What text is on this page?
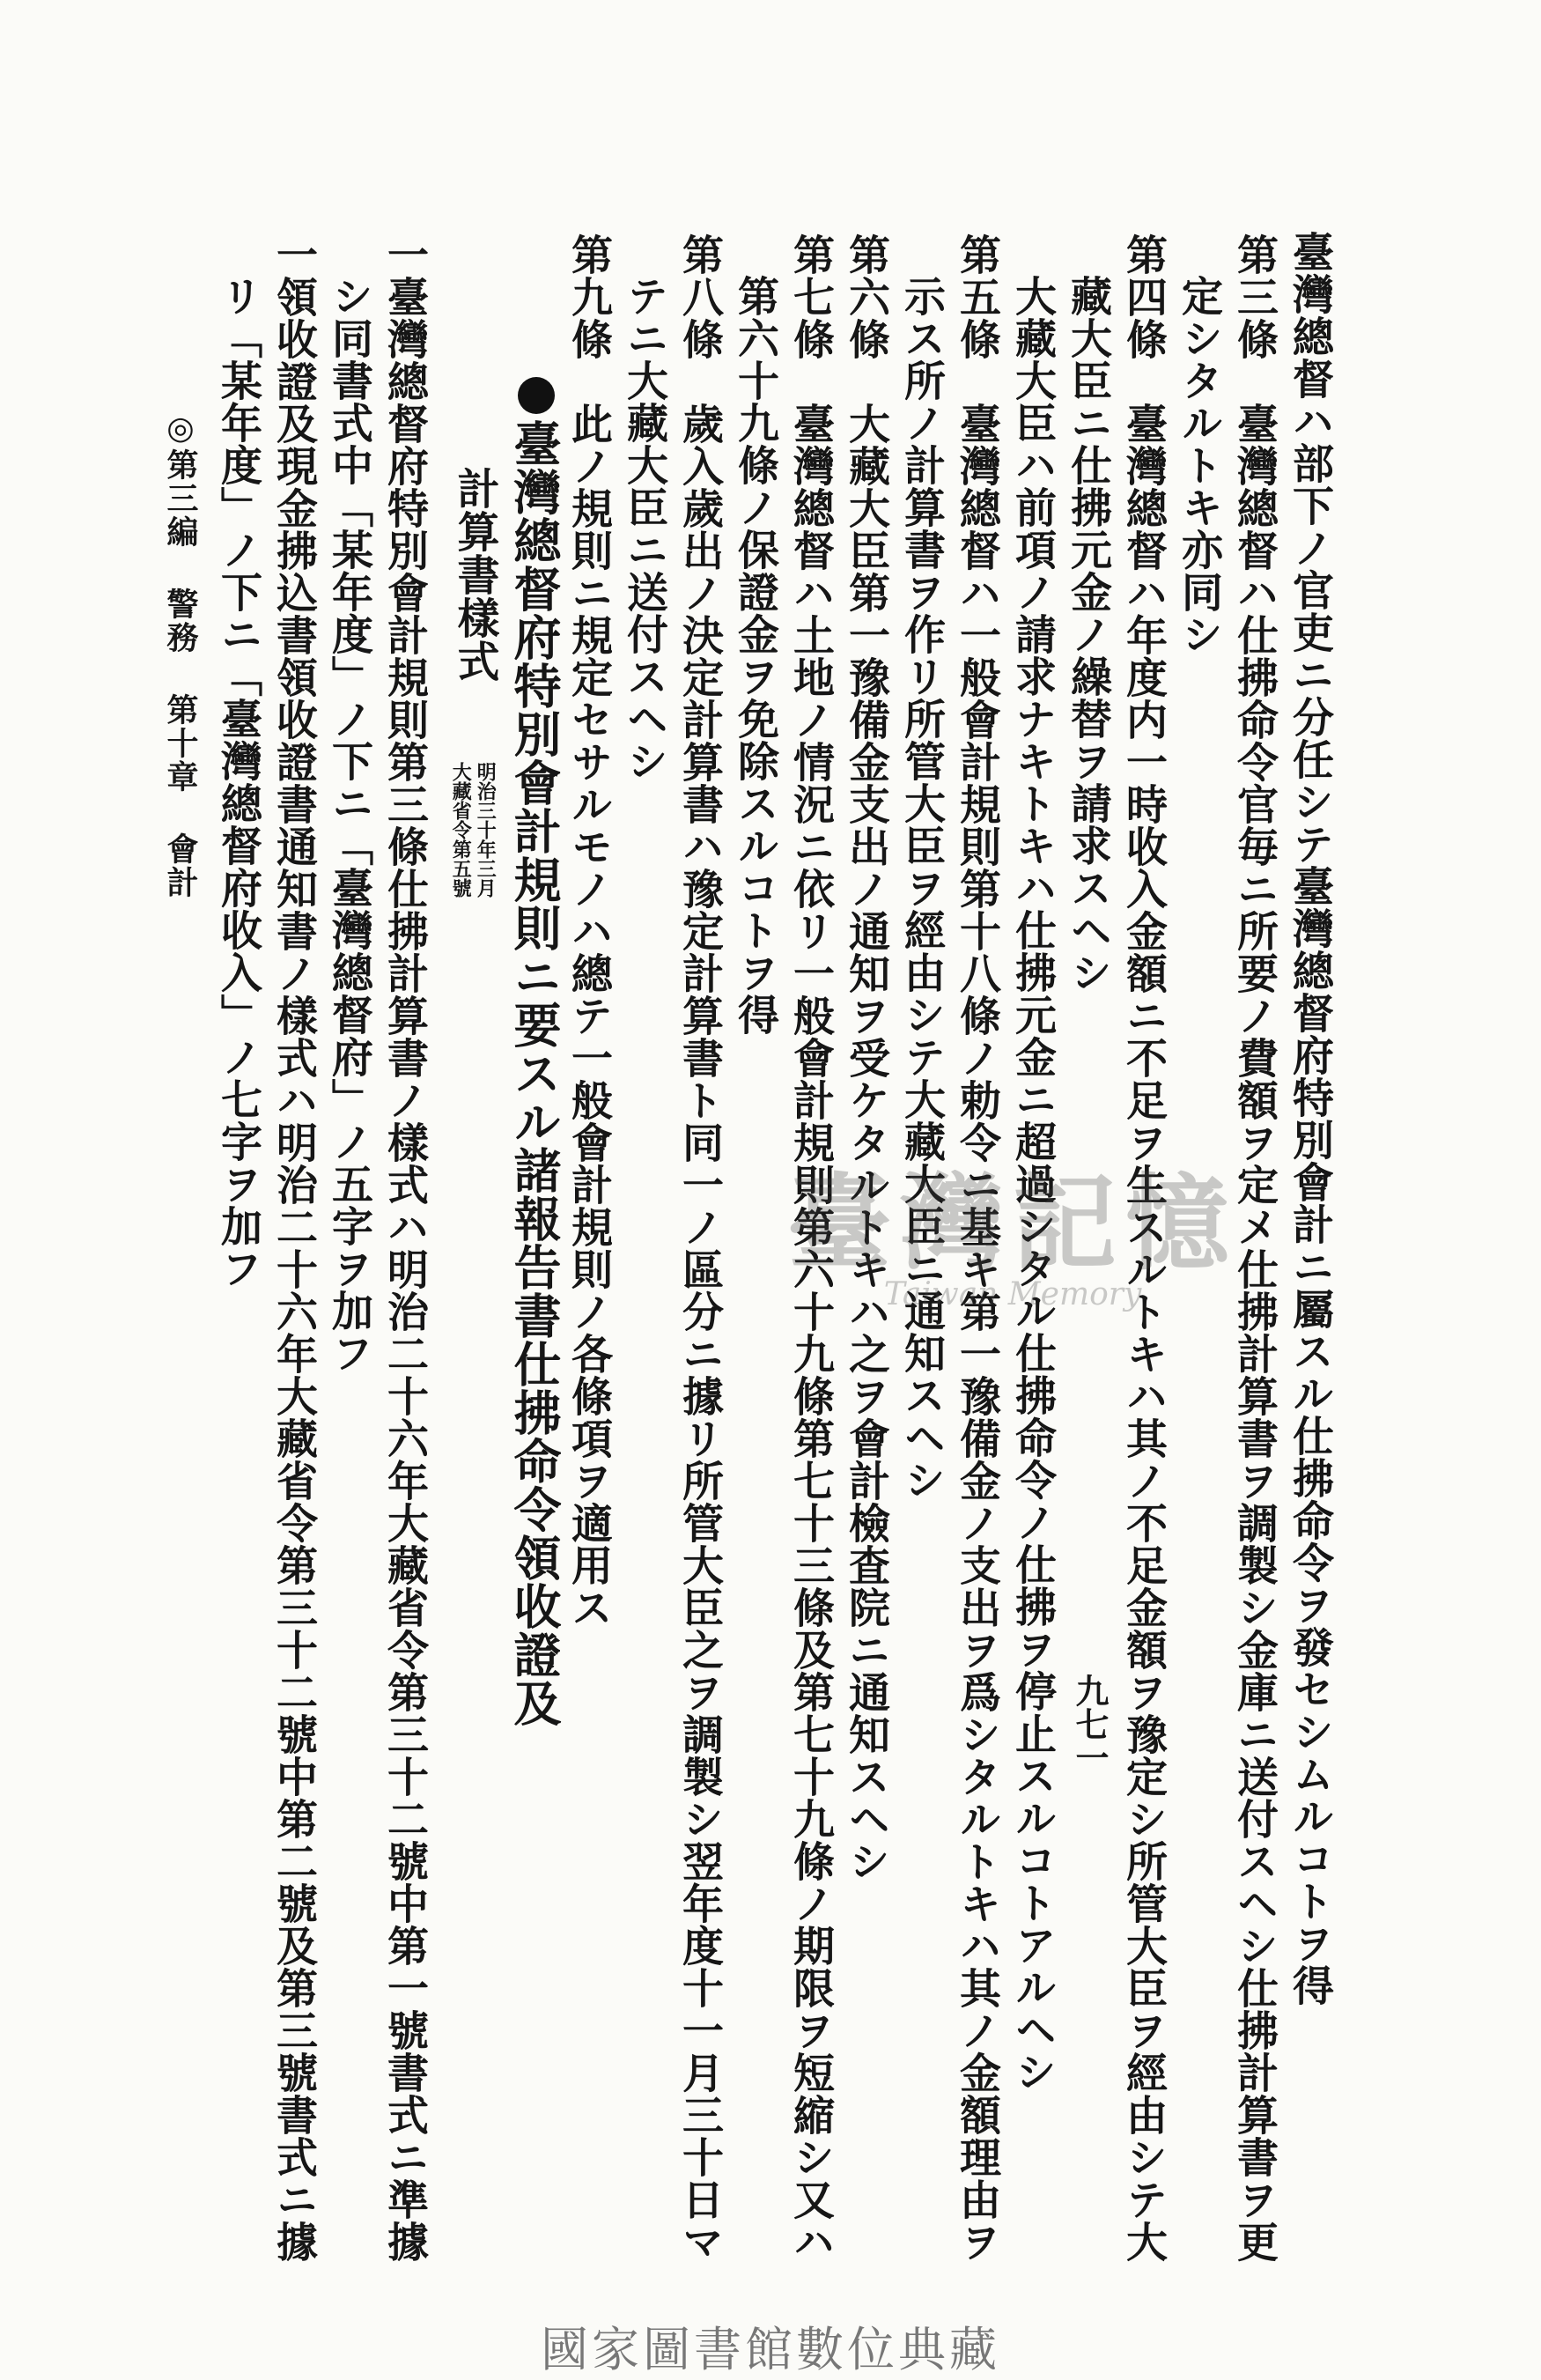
九七一	臺灣總督ハ部下ノ官吏ニ分任シテ臺灣總督府特別會計ニ屬スル仕拂命令ヲ發セシムルコトヲ得
第三條　臺灣總督ハ仕拂命令官毎ニ所要ノ費額ヲ定メ仕拂計算書ヲ調製シ金庫ニ送付スヘシ仕拂計算書ヲ更
定シタルトキ亦同シ
第四條　臺灣總督ハ年度内一時收入金額ニ不足ヲ生スルトキハ其ノ不足金額ヲ豫定シ所管大臣ヲ經由シテ大
藏大臣ニ仕拂元金ノ繰替ヲ請求スヘシ
大藏大臣ハ前項ノ請求ナキトキハ仕拂元金ニ超過シタル仕拂命令ノ仕拂ヲ停止スルコトアルヘシ
第五條　臺灣總督ハ一般會計規則第十八條ノ勅令ニ基キ第一豫備金ノ支出ヲ爲シタルトキハ其ノ金額理由ヲ
示ス所ノ計算書ヲ作リ所管大臣ヲ經由シテ大藏大臣ニ通知スヘシ
第六條　大藏大臣第一豫備金支出ノ通知ヲ受ケタルトキハ之ヲ會計檢査院ニ通知スヘシ
第七條　臺灣總督ハ土地ノ情況ニ依リ一般會計規則第六十九條第七十三條及第七十九條ノ期限ヲ短縮シ又ハ
第六十九條ノ保證金ヲ免除スルコトヲ得
第八條　歲入歲出ノ決定計算書ハ豫定計算書ト同一ノ區分ニ據リ所管大臣之ヲ調製シ翌年度十一月三十日マ
テニ大藏大臣ニ送付スヘシ
第九條　此ノ規則ニ規定セサルモノハ總テ一般會計規則ノ各條項ヲ適用ス
臺灣總督府特別會計規則ニ要スル諸報告書仕拂命令領收證及
計算書樣式
明治三十年三月
大藏省令第五號
一臺灣總督府特別會計規則第三條仕拂計算書ノ樣式ハ明治二十六年大藏省令第三十二號中第一號書式ニ準據
シ同書式中「某年度」ノ下ニ「臺灣總督府」ノ五字ヲ加フ
一領收證及現金拂込書領收證書通知書ノ樣式ハ明治二十六年大藏省令第三十二號中第二號及第三號書式ニ據
リ「某年度」ノ下ニ「臺灣總督府收入」ノ七字ヲ加フ
◎第三編 警務 第十章 會計
臺灣記憶
Taiwan Memory
國家圖書館數位典藏
